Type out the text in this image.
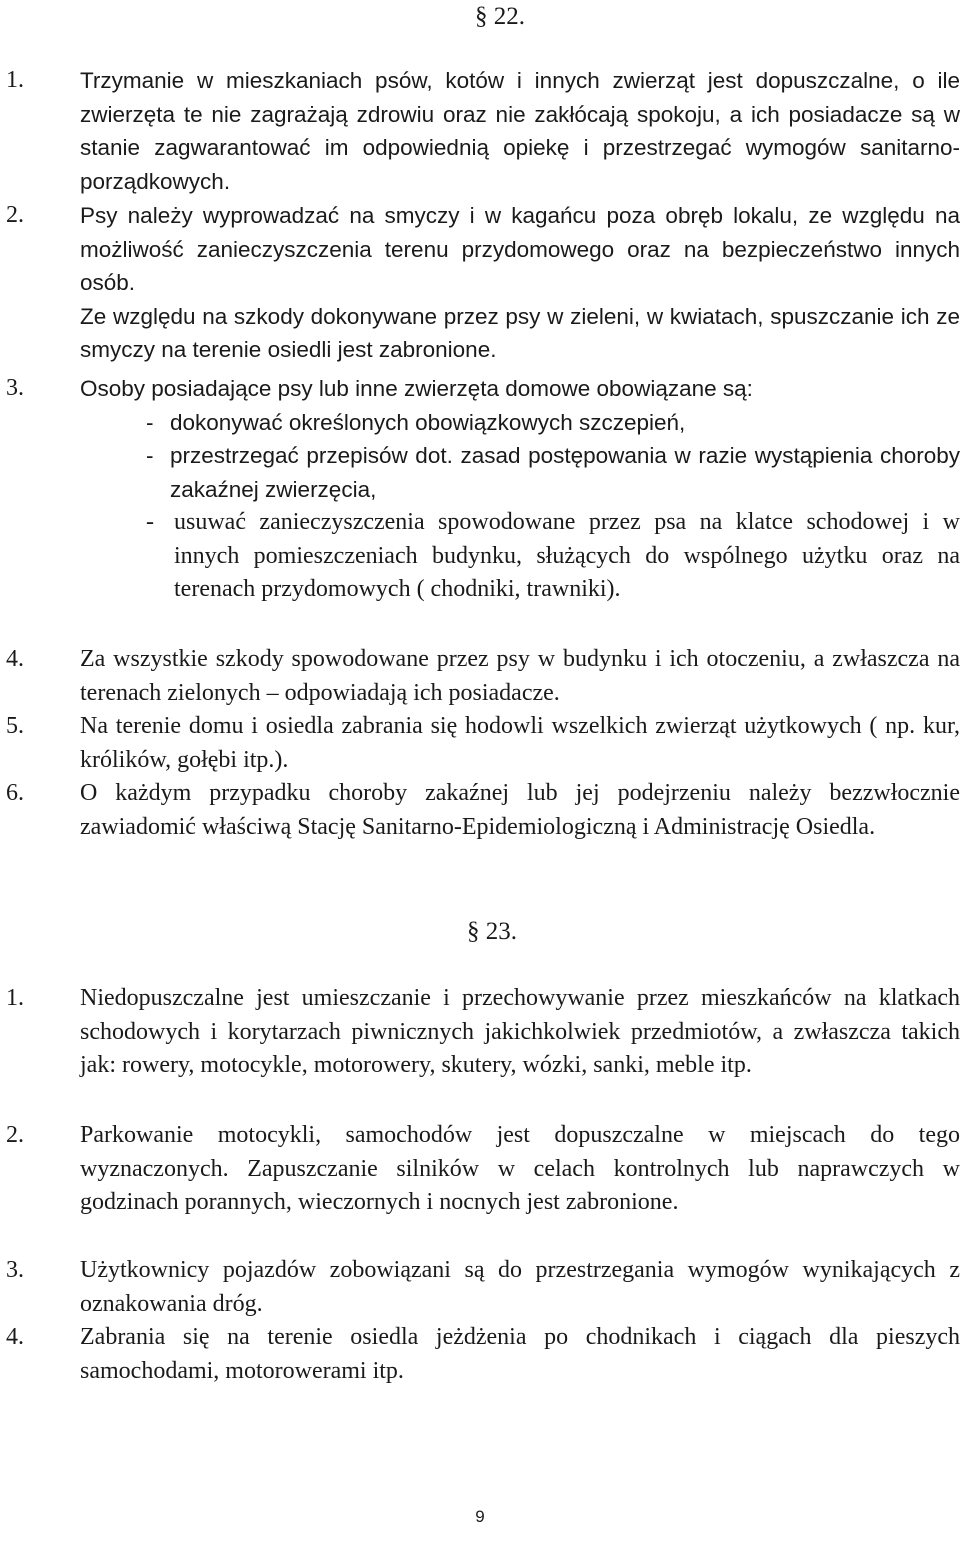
§ 22.
1. Trzymanie w mieszkaniach psów, kotów i innych zwierząt jest dopuszczalne, o ile zwierzęta te nie zagrażają zdrowiu oraz nie zakłócają spokoju, a ich posiadacze są w stanie zagwarantować im odpowiednią opiekę i przestrzegać wymogów sanitarno-porządkowych.

2. Psy należy wyprowadzać na smyczy i w kagańcu poza obręb lokalu, ze względu na możliwość zanieczyszczenia terenu przydomowego oraz na bezpieczeństwo innych osób.

Ze względu na szkody dokonywane przez psy w zieleni, w kwiatach, spuszczanie ich ze smyczy na terenie osiedli jest zabronione.

3. Osoby posiadające psy lub inne zwierzęta domowe obowiązane są:

- dokonywać określonych obowiązkowych szczepień,
- przestrzegać przepisów dot. zasad postępowania w razie wystąpienia choroby zakaźnej zwierzęcia,
- usuwać zanieczyszczenia spowodowane przez psa na klatce schodowej i w innych pomieszczeniach budynku, służących do wspólnego użytku oraz na terenach przydomowych ( chodniki, trawniki).
4. Za wszystkie szkody spowodowane przez psy w budynku i ich otoczeniu, a zwłaszcza na terenach zielonych – odpowiadają ich posiadacze.

5. Na terenie domu i osiedla zabrania się hodowli wszelkich zwierząt użytkowych ( np. kur, królików, gołębi itp.).

6. O każdym przypadku choroby zakaźnej lub jej podejrzeniu należy bezzwłocznie zawiadomić właściwą Stację Sanitarno-Epidemiologiczną i Administrację Osiedla.

§ 23.
1. Niedopuszczalne jest umieszczanie i przechowywanie przez mieszkańców na klatkach schodowych i korytarzach piwnicznych jakichkolwiek przedmiotów, a zwłaszcza takich jak: rowery, motocykle, motorowery, skutery, wózki, sanki, meble itp.

2. Parkowanie motocykli, samochodów jest dopuszczalne w miejscach do tego wyznaczonych. Zapuszczanie silników w celach kontrolnych lub naprawczych w godzinach porannych, wieczornych i nocnych jest zabronione.

3. Użytkownicy pojazdów zobowiązani są do przestrzegania wymogów wynikających z oznakowania dróg.

4. Zabrania się na terenie osiedla jeżdżenia po chodnikach i ciągach dla pieszych samochodami, motorowerami itp.

9
